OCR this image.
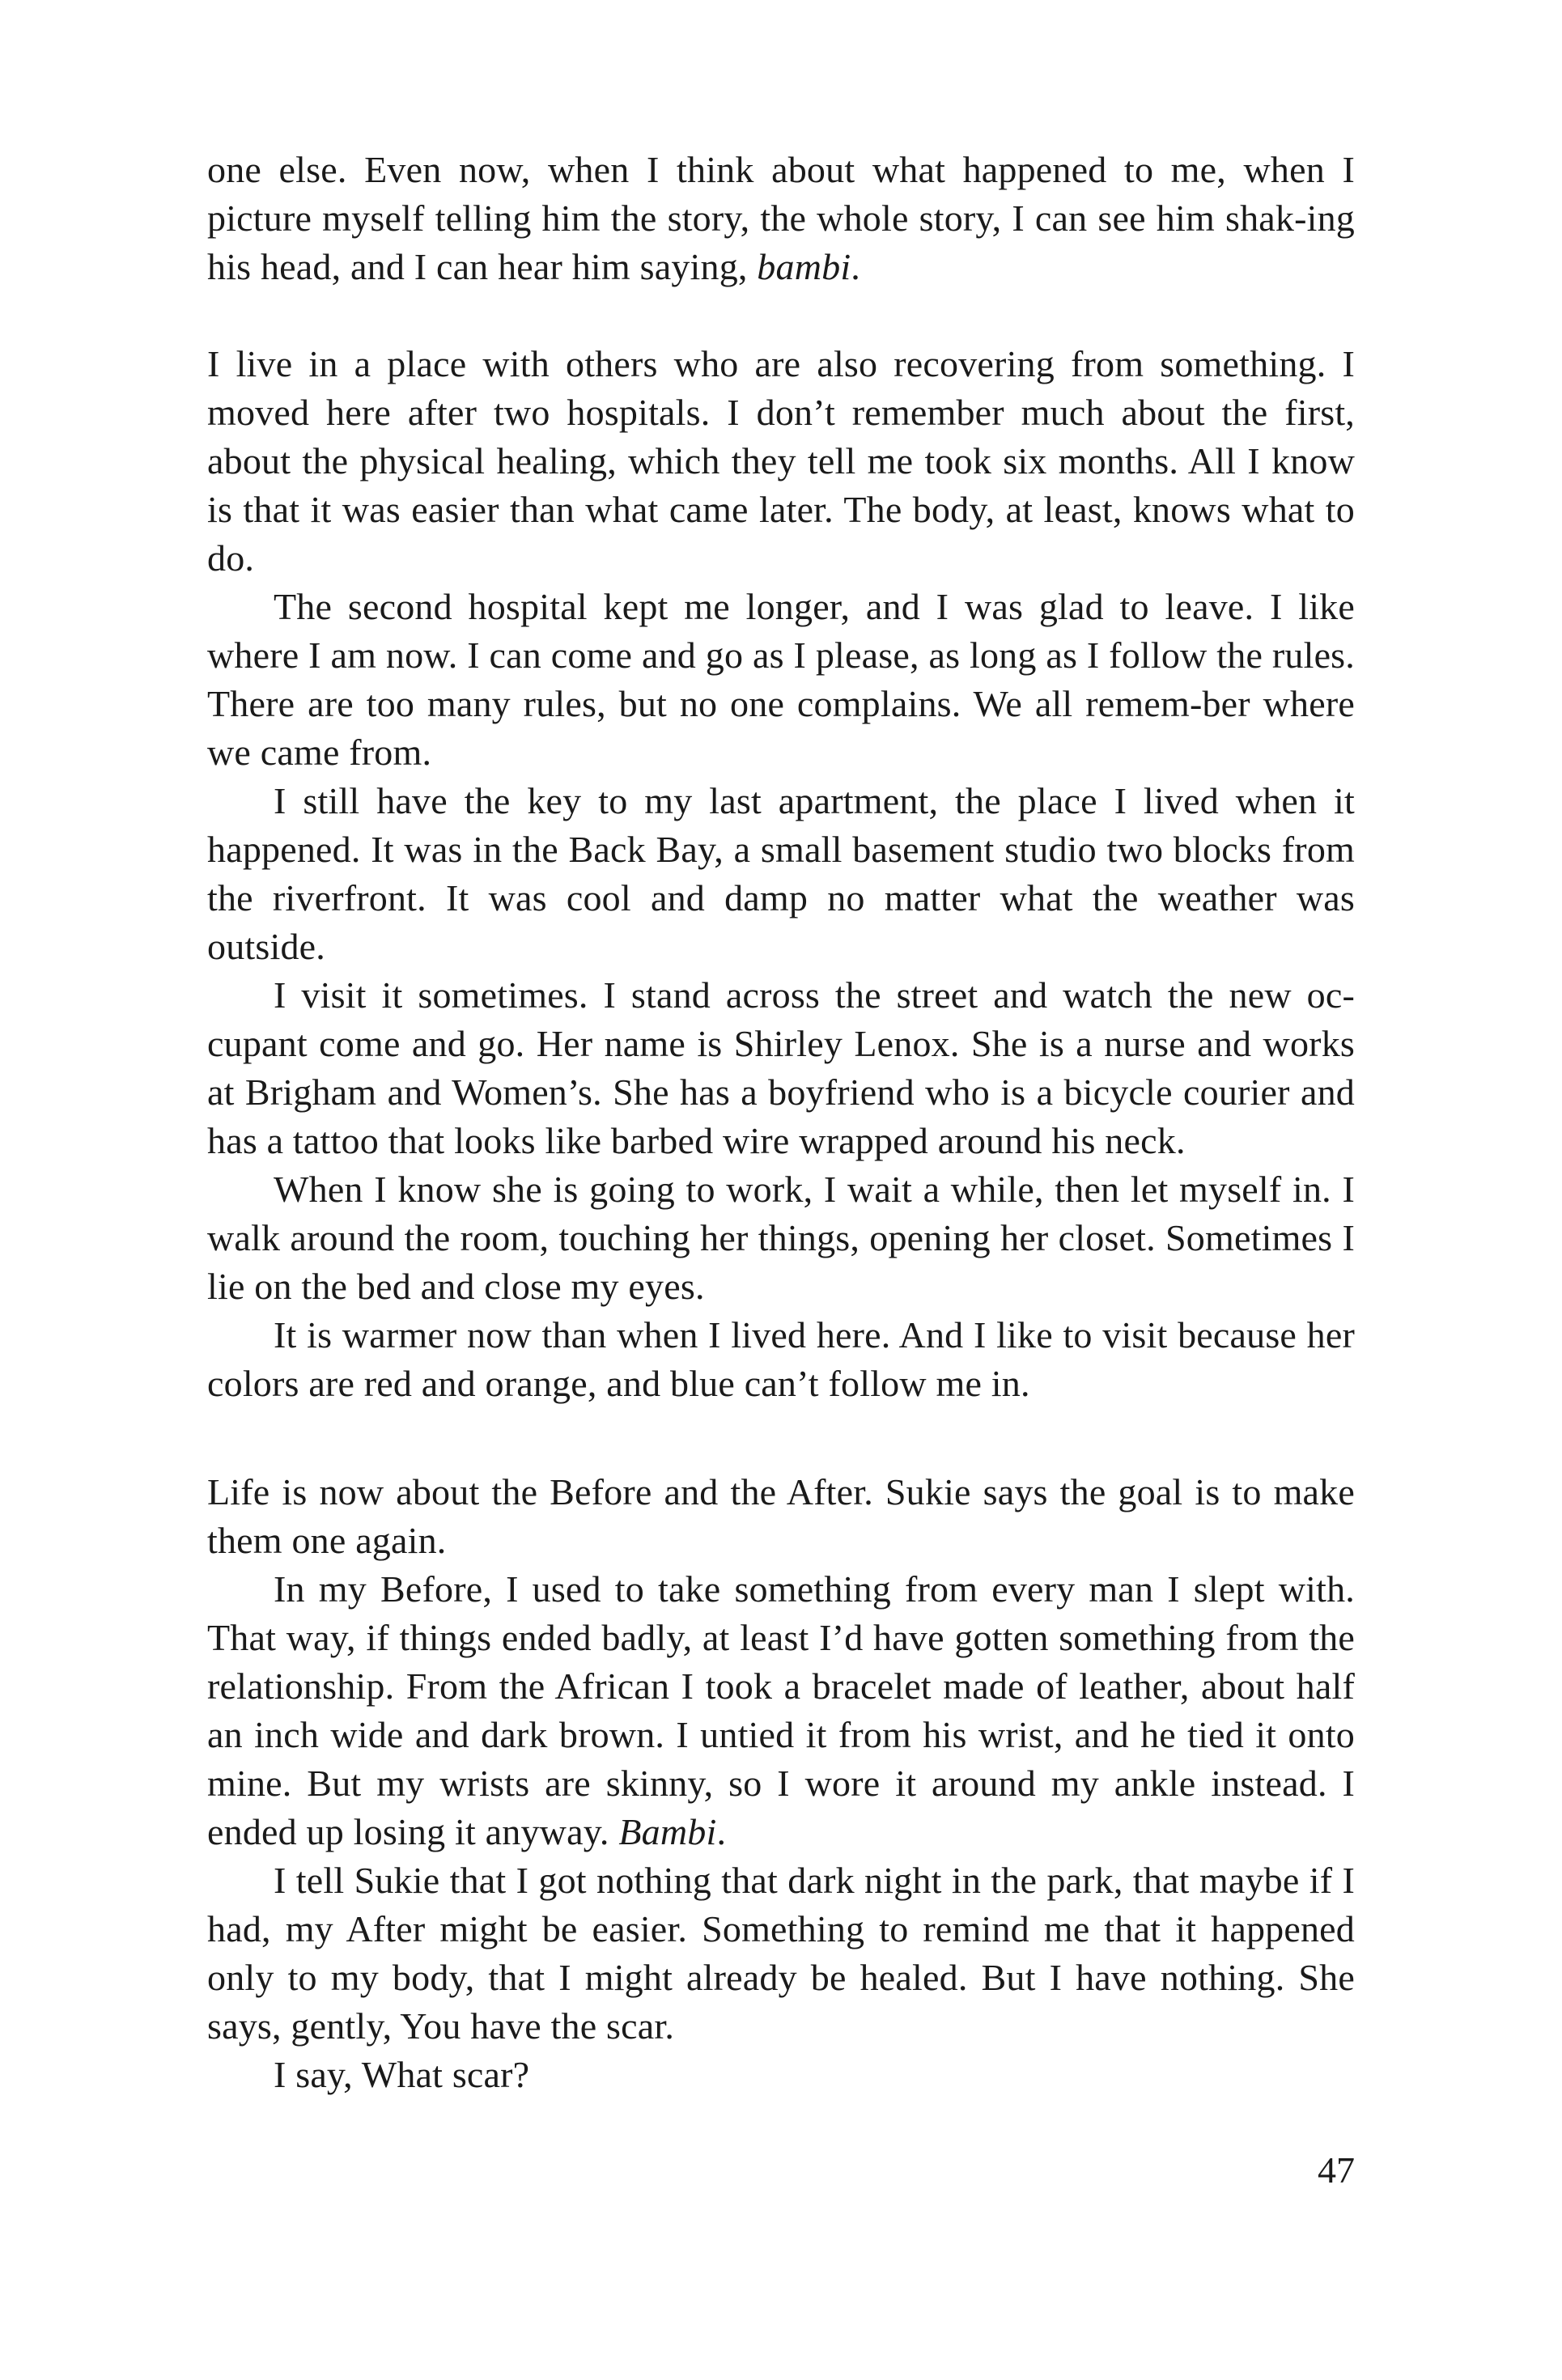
one else. Even now, when I think about what happened to me, when I picture myself telling him the story, the whole story, I can see him shak-ing his head, and I can hear him saying, bambi.

I live in a place with others who are also recovering from something. I moved here after two hospitals. I don’t remember much about the first, about the physical healing, which they tell me took six months. All I know is that it was easier than what came later. The body, at least, knows what to do.

The second hospital kept me longer, and I was glad to leave. I like where I am now. I can come and go as I please, as long as I follow the rules. There are too many rules, but no one complains. We all remem-ber where we came from.

I still have the key to my last apartment, the place I lived when it happened. It was in the Back Bay, a small basement studio two blocks from the riverfront. It was cool and damp no matter what the weather was outside.

I visit it sometimes. I stand across the street and watch the new oc-cupant come and go. Her name is Shirley Lenox. She is a nurse and works at Brigham and Women’s. She has a boyfriend who is a bicycle courier and has a tattoo that looks like barbed wire wrapped around his neck.

When I know she is going to work, I wait a while, then let myself in. I walk around the room, touching her things, opening her closet. Sometimes I lie on the bed and close my eyes.

It is warmer now than when I lived here. And I like to visit because her colors are red and orange, and blue can’t follow me in.

Life is now about the Before and the After. Sukie says the goal is to make them one again.

In my Before, I used to take something from every man I slept with. That way, if things ended badly, at least I’d have gotten something from the relationship. From the African I took a bracelet made of leather, about half an inch wide and dark brown. I untied it from his wrist, and he tied it onto mine. But my wrists are skinny, so I wore it around my ankle instead. I ended up losing it anyway. Bambi.

I tell Sukie that I got nothing that dark night in the park, that maybe if I had, my After might be easier. Something to remind me that it happened only to my body, that I might already be healed. But I have nothing. She says, gently, You have the scar.

I say, What scar?

47
